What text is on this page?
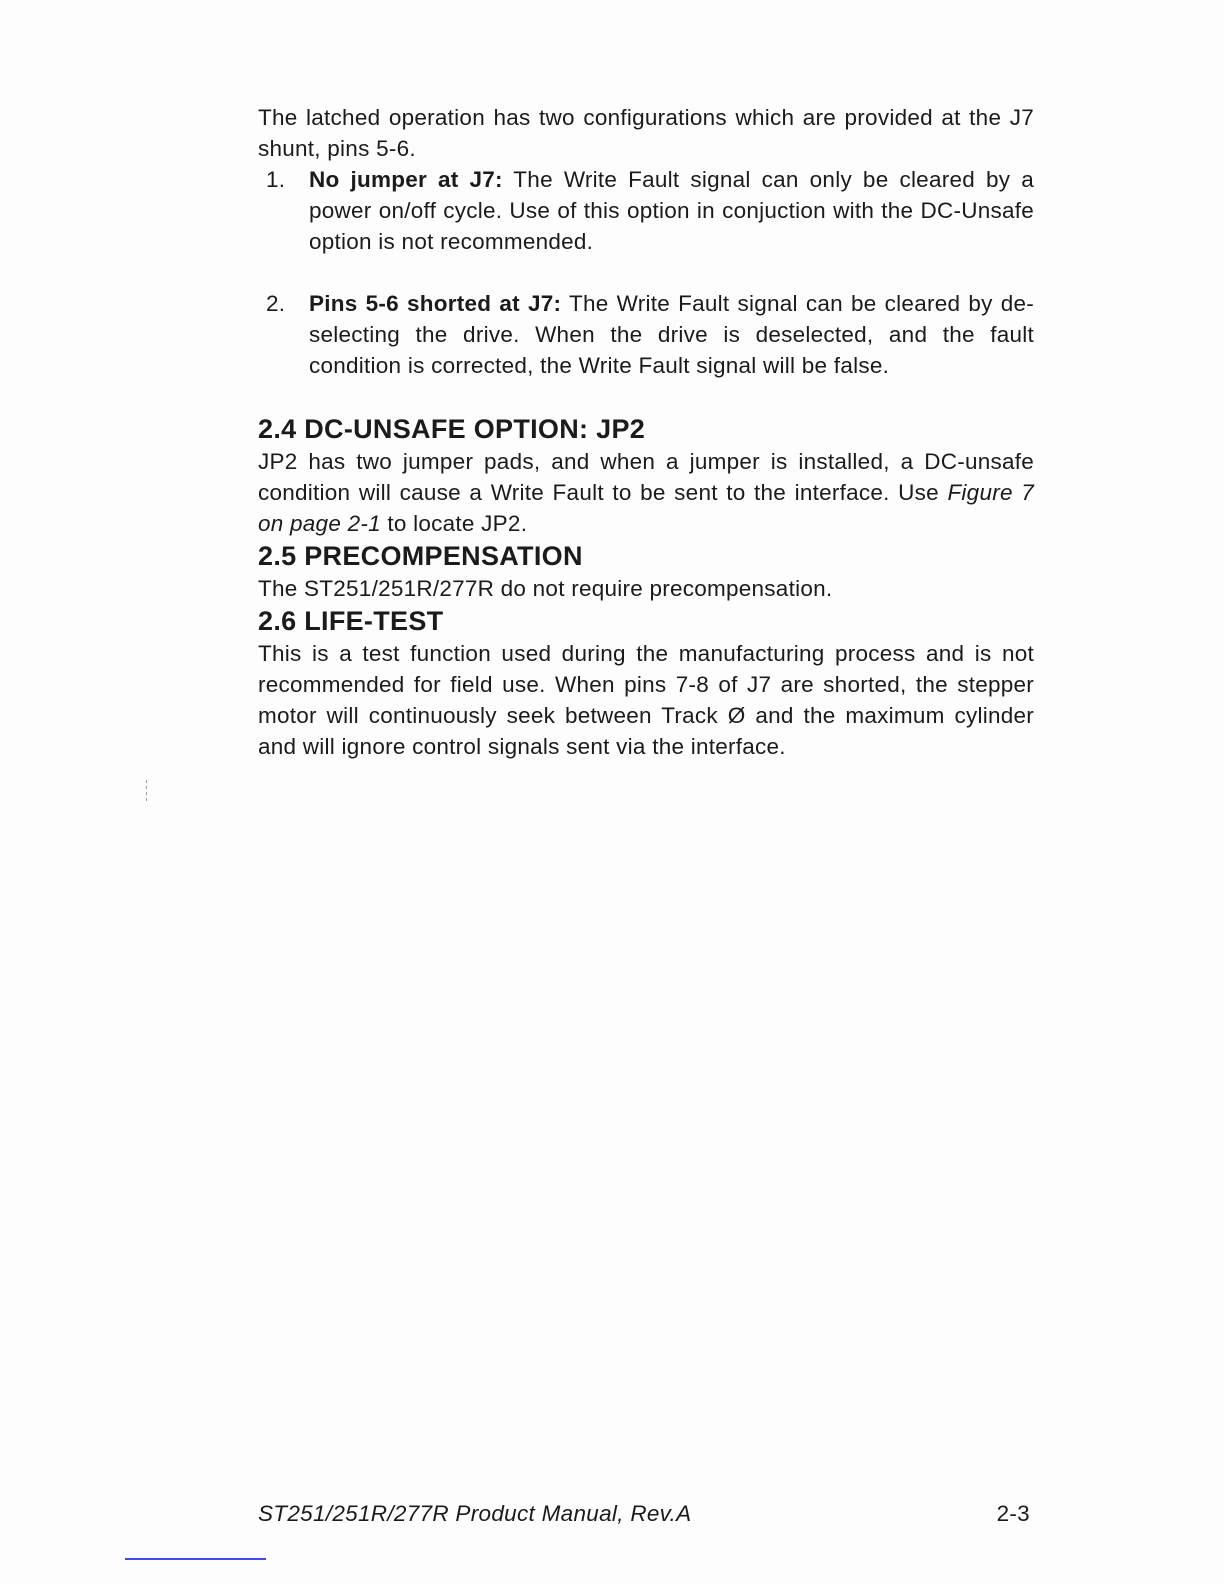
The latched operation has two configurations which are provided at the J7 shunt, pins 5-6.

1. No jumper at J7: The Write Fault signal can only be cleared by a power on/off cycle. Use of this option in conjuction with the DC-Unsafe option is not recommended.
2. Pins 5-6 shorted at J7: The Write Fault signal can be cleared by de-selecting the drive. When the drive is deselected, and the fault condition is corrected, the Write Fault signal will be false.
2.4 DC-UNSAFE OPTION: JP2

JP2 has two jumper pads, and when a jumper is installed, a DC-unsafe condition will cause a Write Fault to be sent to the interface. Use Figure 7 on page 2-1 to locate JP2.

2.5 PRECOMPENSATION

The ST251/251R/277R do not require precompensation.

2.6 LIFE-TEST

This is a test function used during the manufacturing process and is not recommended for field use. When pins 7-8 of J7 are shorted, the stepper motor will continuously seek between Track Ø and the maximum cylinder and will ignore control signals sent via the interface.

ST251/251R/277R Product Manual, Rev.A	2-3
